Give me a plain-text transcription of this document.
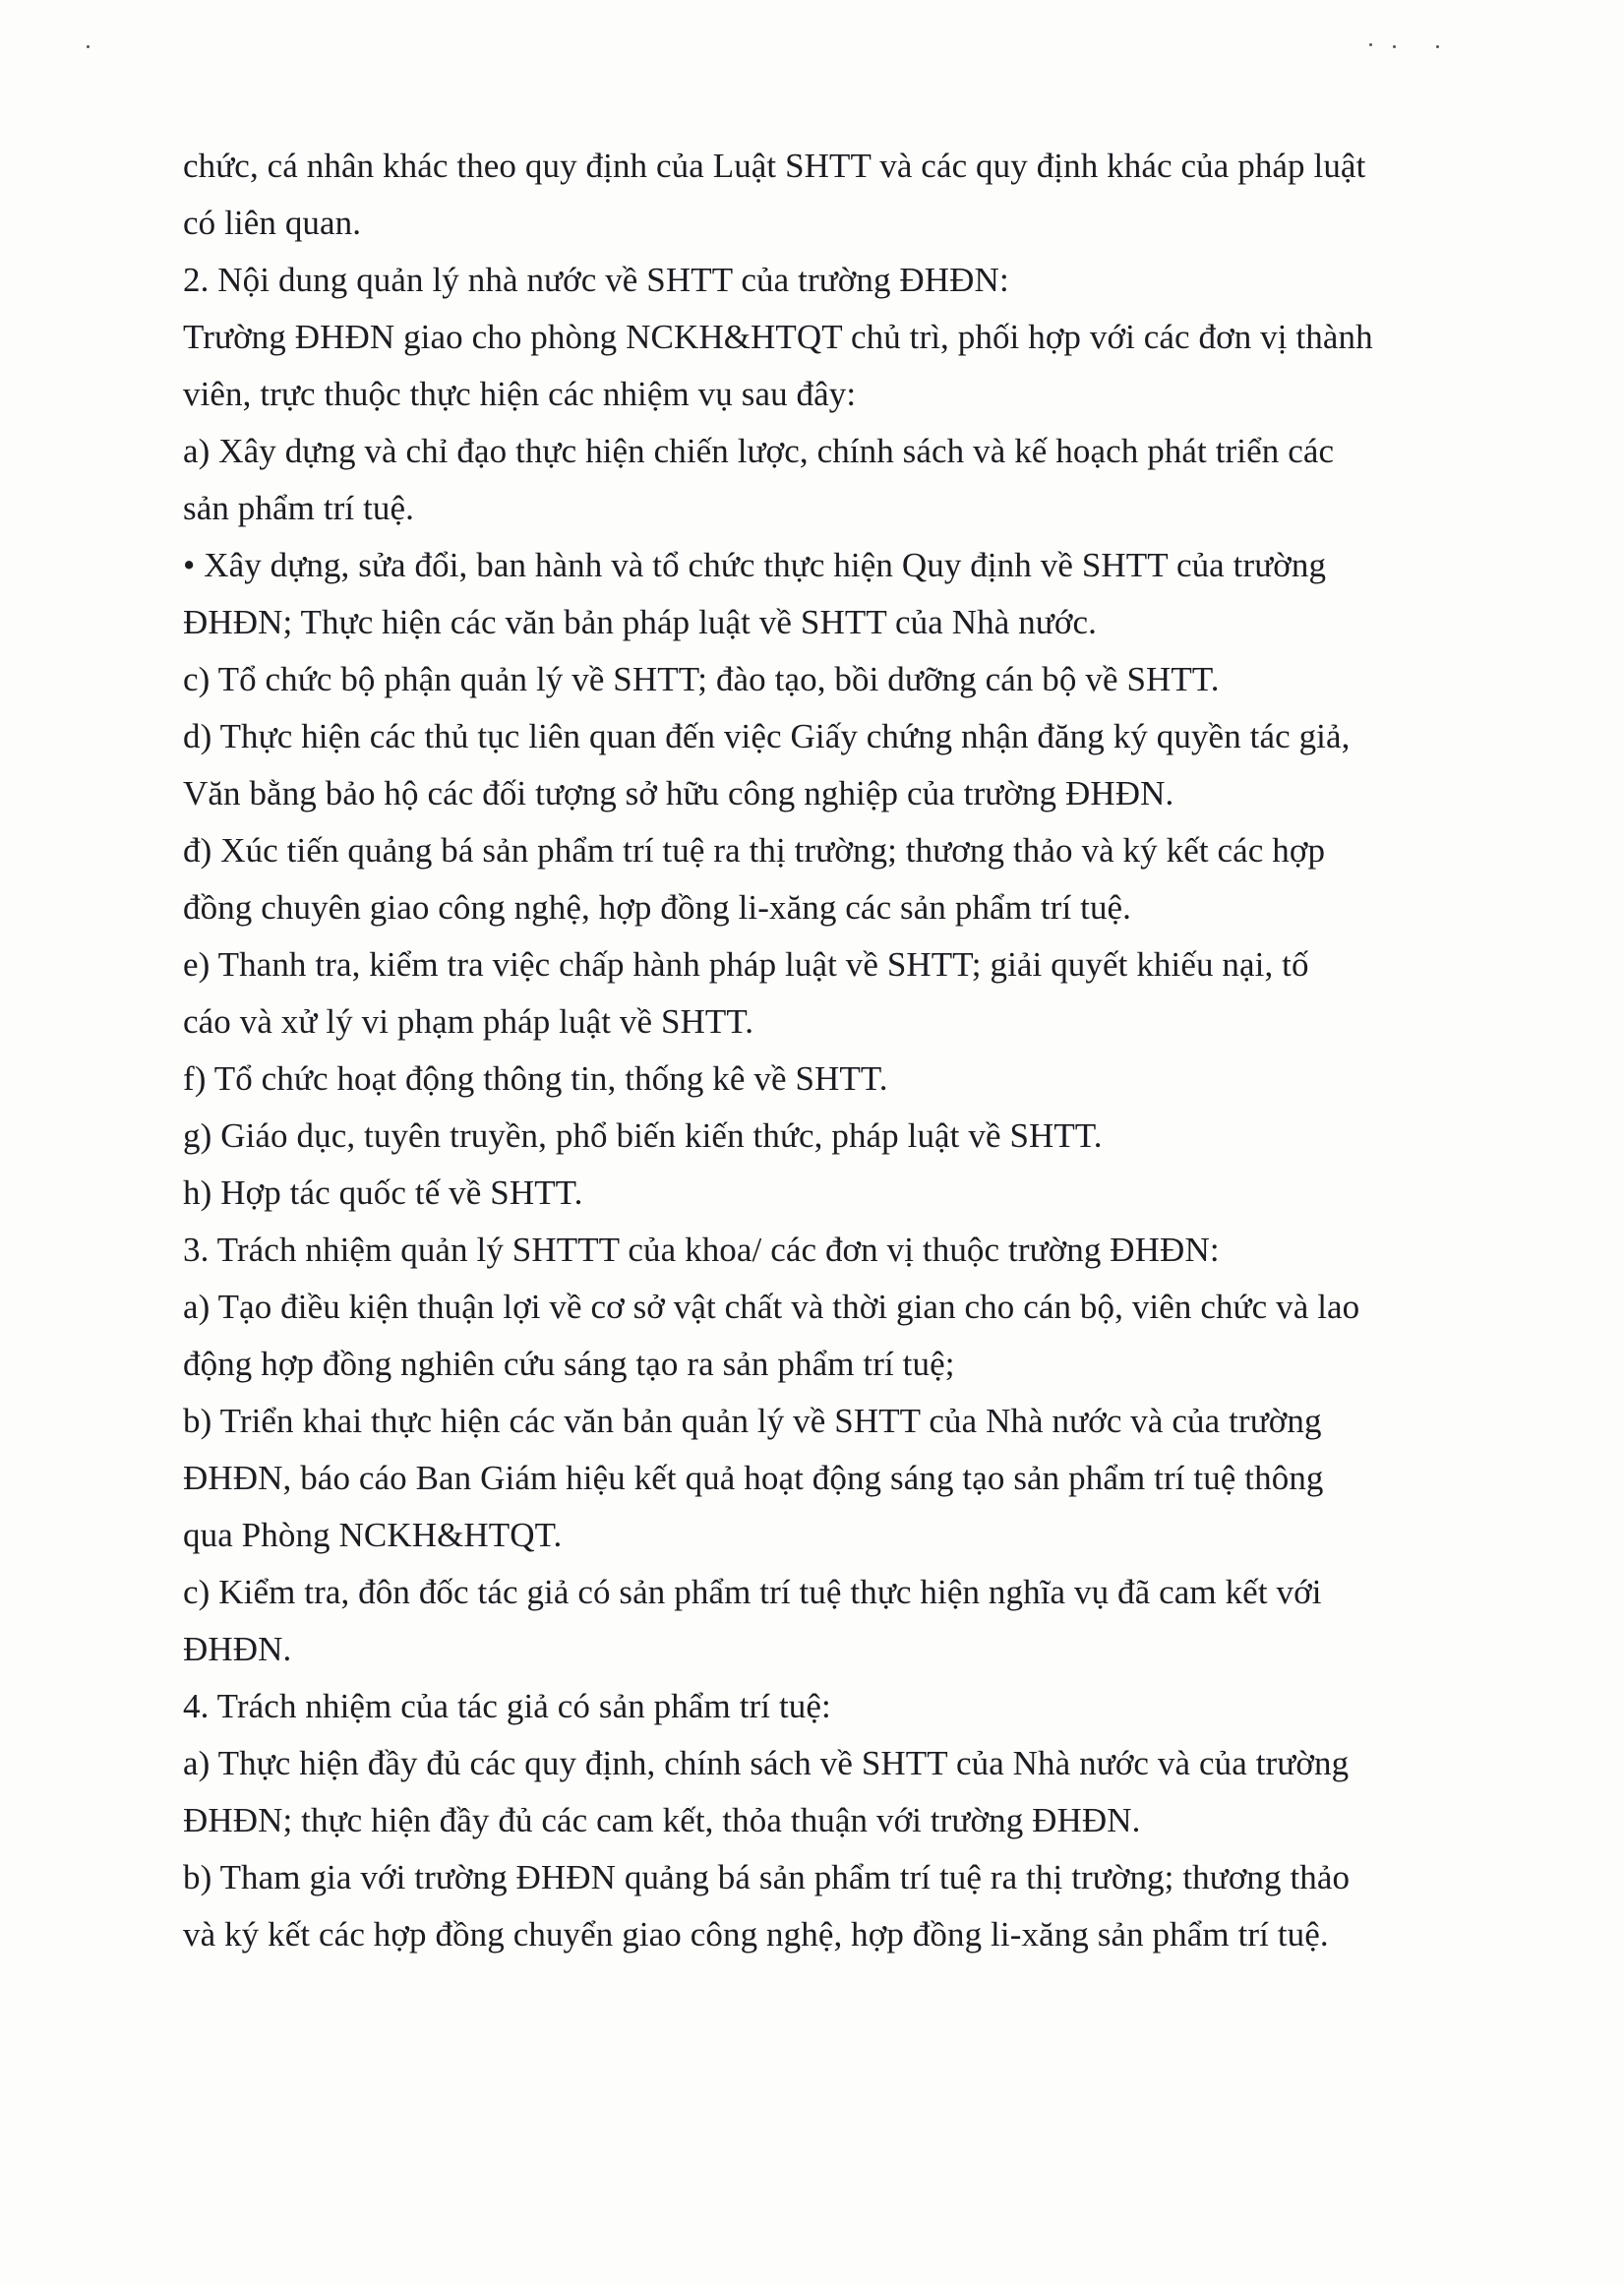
chức, cá nhân khác theo quy định của Luật SHTT và các quy định khác của pháp luật
có liên quan.
2. Nội dung quản lý nhà nước về SHTT của trường ĐHĐN:
Trường ĐHĐN giao cho phòng NCKH&HTQT chủ trì, phối hợp với các đơn vị thành
viên, trực thuộc thực hiện các nhiệm vụ sau đây:
a) Xây dựng và chỉ đạo thực hiện chiến lược, chính sách và kế hoạch phát triển các
sản phẩm trí tuệ.
• Xây dựng, sửa đổi, ban hành và tổ chức thực hiện Quy định về SHTT của trường
ĐHĐN; Thực hiện các văn bản pháp luật về SHTT của Nhà nước.
c) Tổ chức bộ phận quản lý về SHTT; đào tạo, bồi dưỡng cán bộ về SHTT.
d) Thực hiện các thủ tục liên quan đến việc Giấy chứng nhận đăng ký quyền tác giả,
Văn bằng bảo hộ các đối tượng sở hữu công nghiệp của trường ĐHĐN.
đ) Xúc tiến quảng bá sản phẩm trí tuệ ra thị trường; thương thảo và ký kết các hợp
đồng chuyên giao công nghệ, hợp đồng li-xăng các sản phẩm trí tuệ.
e) Thanh tra, kiểm tra việc chấp hành pháp luật về SHTT; giải quyết khiếu nại, tố
cáo và xử lý vi phạm pháp luật về SHTT.
f) Tổ chức hoạt động thông tin, thống kê về SHTT.
g) Giáo dục, tuyên truyền, phổ biến kiến thức, pháp luật về SHTT.
h) Hợp tác quốc tế về SHTT.
3. Trách nhiệm quản lý SHTTT của khoa/ các đơn vị thuộc trường ĐHĐN:
a) Tạo điều kiện thuận lợi về cơ sở vật chất và thời gian cho cán bộ, viên chức và lao
động hợp đồng nghiên cứu sáng tạo ra sản phẩm trí tuệ;
b) Triển khai thực hiện các văn bản quản lý về SHTT của Nhà nước và của trường
ĐHĐN, báo cáo Ban Giám hiệu kết quả hoạt động sáng tạo sản phẩm trí tuệ thông
qua Phòng NCKH&HTQT.
c) Kiểm tra, đôn đốc tác giả có sản phẩm trí tuệ thực hiện nghĩa vụ đã cam kết với
ĐHĐN.
4. Trách nhiệm của tác giả có sản phẩm trí tuệ:
a) Thực hiện đầy đủ các quy định, chính sách về SHTT của Nhà nước và của trường
ĐHĐN; thực hiện đầy đủ các cam kết, thỏa thuận với trường ĐHĐN.
b) Tham gia với trường ĐHĐN quảng bá sản phẩm trí tuệ ra thị trường; thương thảo
và ký kết các hợp đồng chuyển giao công nghệ, hợp đồng li-xăng sản phẩm trí tuệ.
